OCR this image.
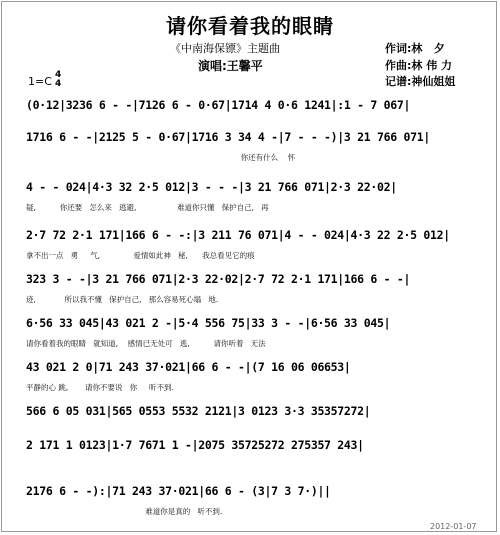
请你看着我的眼睛
《中南海保镖》主题曲
演唱:王馨平
作词:林   夕
作曲:林 伟 力
记谱:神仙姐姐
1=C 4
4
(0·12|3236 6 - -|7126 6 - 0·67|1714 4 0·6 1241|:1 - 7 067|
1716 6 - -|2125 5 - 0·67|1716 3 34 4 -|7 - - -)|3 21 766 071|
你还有什么    怀
4 - - 024|4·3 32 2·5 012|3 - - -|3 21 766 071|2·3 22·02|
疑,          你还要   怎么来   逃避,                 难道你只懂   保护自己,   再
2·7 72 2·1 171|166 6 - -:|3 211 76 071|4 - - 024|4·3 22 2·5 012|
拿不出一点   勇     气,              爱情如此神   秘,      我总看见它的痕
323 3 - -|3 21 766 071|2·3 22·02|2·7 72 2·1 171|166 6 - -|
迹,            所以我不懂   保护自己,   那么容易死心塌   地.
6·56 33 045|43 021 2 -|5·4 556 75|33 3 - -|6·56 33 045|
请你看着我的眼睛   就知道,    感情已无处可   逃,          请你听着   无法
43 021 2 0|71 243 37·021|66 6 - -|(7 16 06 06653|
平静的心 跳,       请你不要说   你     听不到.
566 6 05 031|565 0553 5532 2121|3 0123 3·3 35357272|
2 171 1 0123|1·7 7671 1 -|2075 35725272 275357 243|
2176 6 - -):|71 243 37·021|66 6 - (3|7 3 7·)||
难道你是真的   听不到.
2012-01-07
